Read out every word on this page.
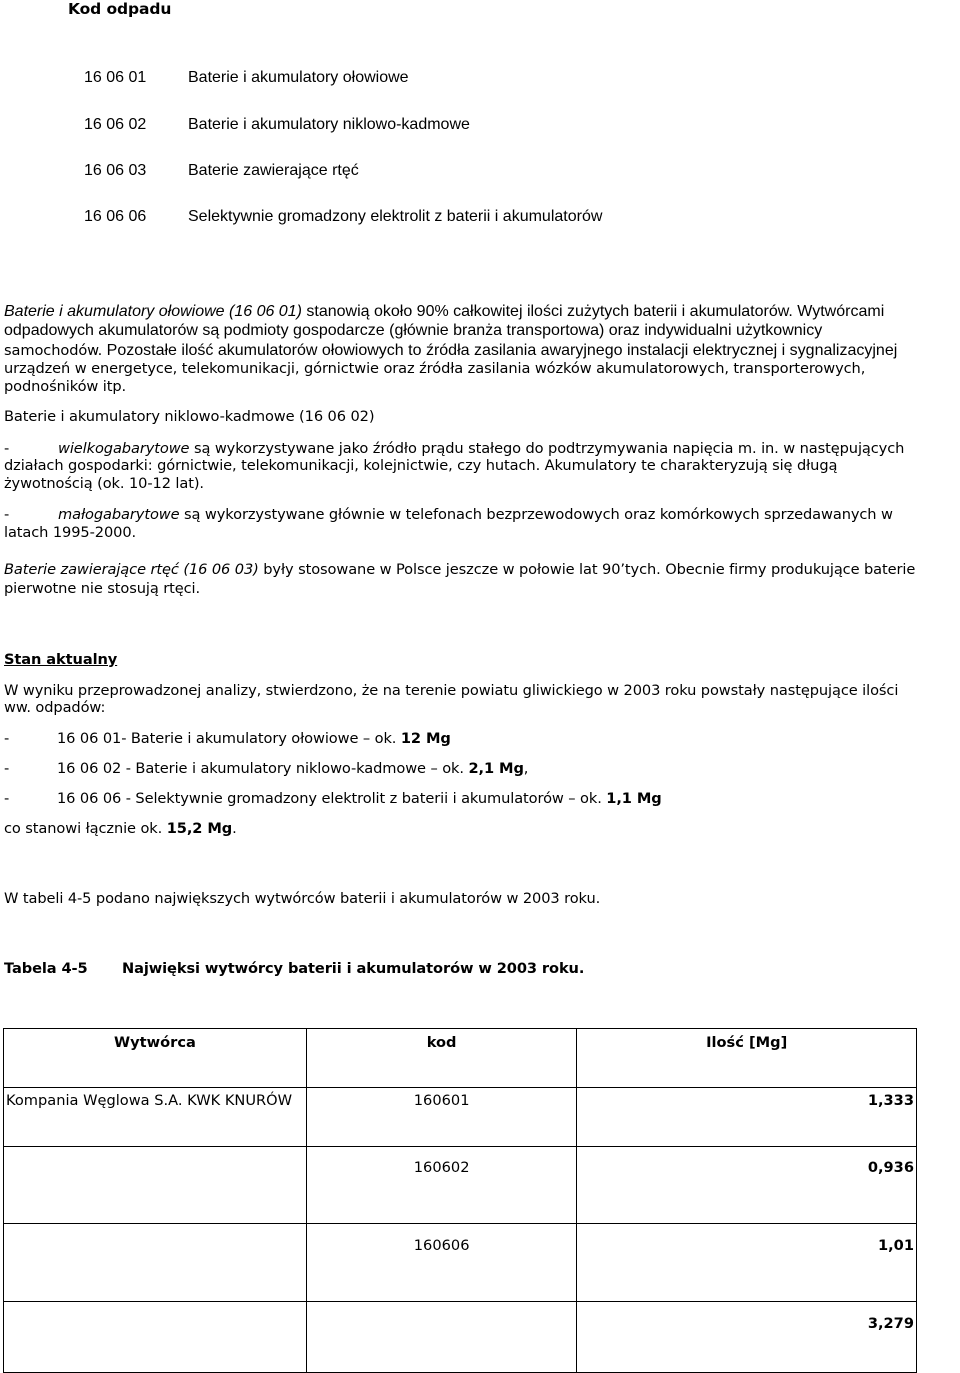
Kod odpadu
16 06 01	Baterie i akumulatory ołowiowe
16 06 02	Baterie i akumulatory niklowo-kadmowe
16 06 03	Baterie zawierające rtęć
16 06 06	Selektywnie gromadzony elektrolit z baterii i akumulatorów
Baterie i akumulatory ołowiowe (16 06 01) stanowią około 90% całkowitej ilości zużytych baterii i akumulatorów. Wytwórcami
odpadowych akumulatorów są podmioty gospodarcze (głównie branża transportowa) oraz indywidualni użytkownicy
samochodów. Pozostałe ilość akumulatorów ołowiowych to źródła zasilania awaryjnego instalacji elektrycznej i sygnalizacyjnej
urządzeń w energetyce, telekomunikacji, górnictwie oraz źródła zasilania wózków akumulatorowych, transporterowych,
podnośników itp.
Baterie i akumulatory niklowo-kadmowe (16 06 02)
-	wielkogabarytowe są wykorzystywane jako źródło prądu stałego do podtrzymywania napięcia m. in. w następujących
działach gospodarki: górnictwie, telekomunikacji, kolejnictwie, czy hutach. Akumulatory te charakteryzują się długą
żywotnością (ok. 10-12 lat).
-	małogabarytowe są wykorzystywane głównie w telefonach bezprzewodowych oraz komórkowych sprzedawanych w
latach 1995-2000.
Baterie zawierające rtęć (16 06 03) były stosowane w Polsce jeszcze w połowie lat 90’tych. Obecnie firmy produkujące baterie
pierwotne nie stosują rtęci.
Stan aktualny
W wyniku przeprowadzonej analizy, stwierdzono, że na terenie powiatu gliwickiego w 2003 roku powstały następujące ilości
ww. odpadów:
-	16 06 01- Baterie i akumulatory ołowiowe – ok. 12 Mg
-	16 06 02 - Baterie i akumulatory niklowo-kadmowe – ok. 2,1 Mg,
-	16 06 06 - Selektywnie gromadzony elektrolit z baterii i akumulatorów – ok. 1,1 Mg
co stanowi łącznie ok. 15,2 Mg.
W tabeli 4-5 podano największych wytwórców baterii i akumulatorów w 2003 roku.
Tabela 4-5 Najwięksi wytwórcy baterii i akumulatorów w 2003 roku.
Wytwórca	kod	Ilość [Mg]
Kompania Węglowa S.A. KWK KNURÓW	160601	1,333
	160602	0,936
	160606	1,01
		3,279
